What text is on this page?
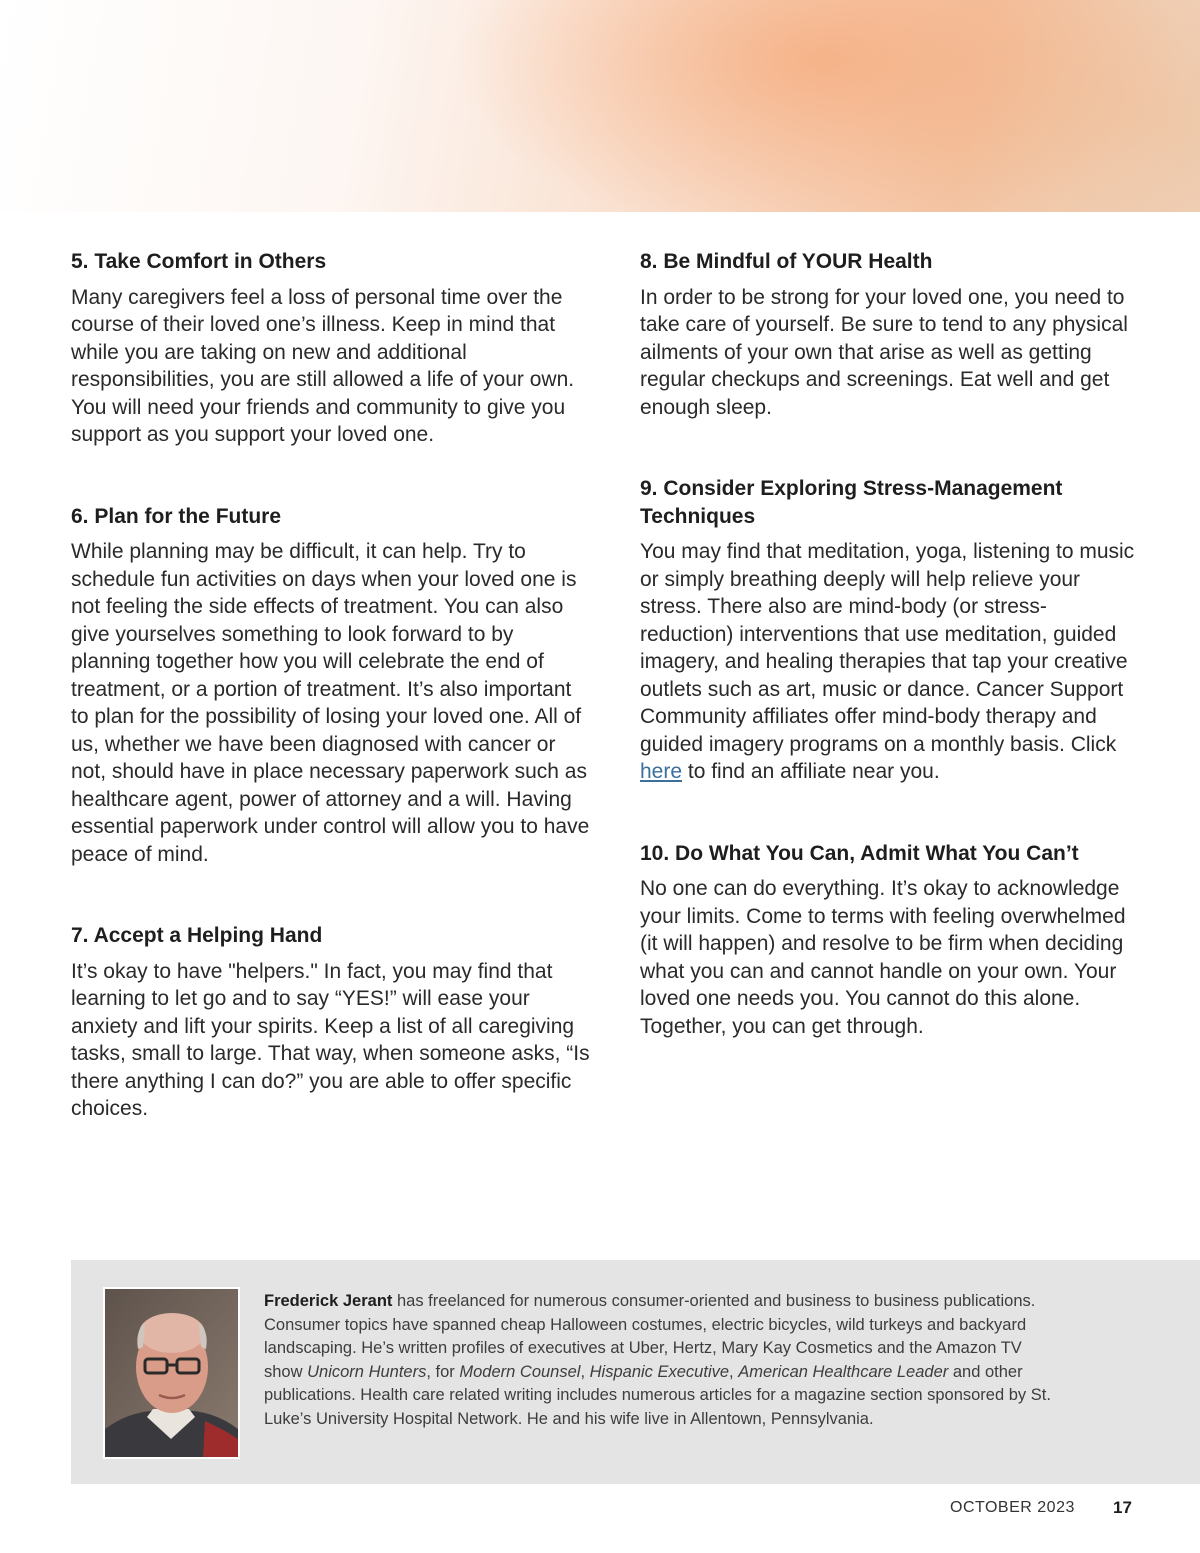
5. Take Comfort in Others

Many caregivers feel a loss of personal time over the course of their loved one’s illness. Keep in mind that while you are taking on new and additional responsibilities, you are still allowed a life of your own. You will need your friends and community to give you support as you support your loved one.

6. Plan for the Future

While planning may be difficult, it can help. Try to schedule fun activities on days when your loved one is not feeling the side effects of treatment. You can also give yourselves something to look forward to by planning together how you will celebrate the end of treatment, or a portion of treatment. It’s also important to plan for the possibility of losing your loved one. All of us, whether we have been diagnosed with cancer or not, should have in place necessary paperwork such as healthcare agent, power of attorney and a will. Having essential paperwork under control will allow you to have peace of mind.

7. Accept a Helping Hand

It’s okay to have "helpers." In fact, you may find that learning to let go and to say “YES!” will ease your anxiety and lift your spirits. Keep a list of all caregiving tasks, small to large. That way, when someone asks, “Is there anything I can do?” you are able to offer specific choices.

8. Be Mindful of YOUR Health

In order to be strong for your loved one, you need to take care of yourself. Be sure to tend to any physical ailments of your own that arise as well as getting regular checkups and screenings. Eat well and get enough sleep.

9. Consider Exploring Stress-Management Techniques

You may find that meditation, yoga, listening to music or simply breathing deeply will help relieve your stress. There also are mind-body (or stress-reduction) interventions that use meditation, guided imagery, and healing therapies that tap your creative outlets such as art, music or dance. Cancer Support Community affiliates offer mind-body therapy and guided imagery programs on a monthly basis. Click here to find an affiliate near you.

10. Do What You Can, Admit What You Can’t

No one can do everything. It’s okay to acknowledge your limits. Come to terms with feeling overwhelmed (it will happen) and resolve to be firm when deciding what you can and cannot handle on your own. Your loved one needs you. You cannot do this alone. Together, you can get through.

Frederick Jerant has freelanced for numerous consumer-oriented and business to business publications. Consumer topics have spanned cheap Halloween costumes, electric bicycles, wild turkeys and backyard landscaping. He’s written profiles of executives at Uber, Hertz, Mary Kay Cosmetics and the Amazon TV show Unicorn Hunters, for Modern Counsel, Hispanic Executive, American Healthcare Leader and other publications. Health care related writing includes numerous articles for a magazine section sponsored by St. Luke’s University Hospital Network. He and his wife live in Allentown, Pennsylvania.
OCTOBER 2023 17
